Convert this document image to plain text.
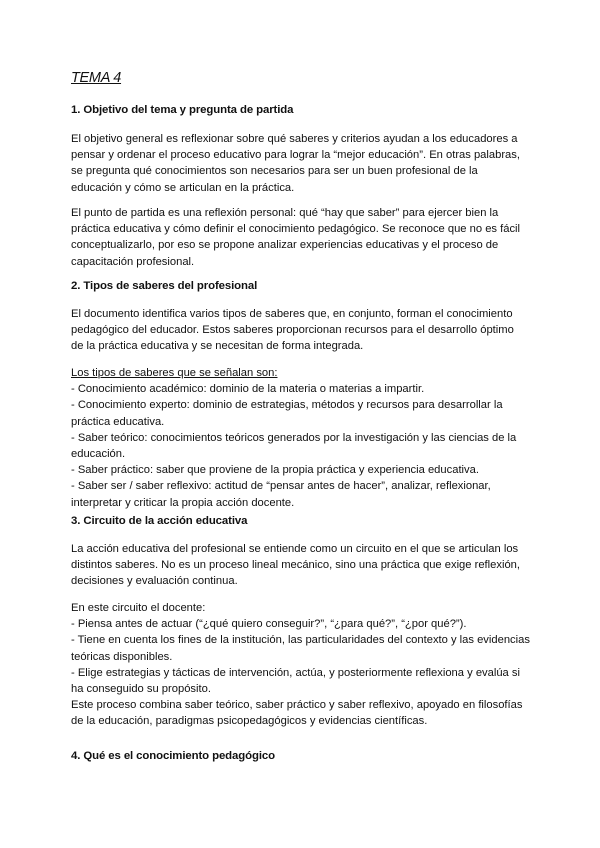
TEMA 4
1. Objetivo del tema y pregunta de partida
El objetivo general es reflexionar sobre qué saberes y criterios ayudan a los educadores a
pensar y ordenar el proceso educativo para lograr la “mejor educación”. En otras palabras,
se pregunta qué conocimientos son necesarios para ser un buen profesional de la
educación y cómo se articulan en la práctica.
El punto de partida es una reflexión personal: qué “hay que saber” para ejercer bien la
práctica educativa y cómo definir el conocimiento pedagógico. Se reconoce que no es fácil
conceptualizarlo, por eso se propone analizar experiencias educativas y el proceso de
capacitación profesional.
2. Tipos de saberes del profesional
El documento identifica varios tipos de saberes que, en conjunto, forman el conocimiento
pedagógico del educador. Estos saberes proporcionan recursos para el desarrollo óptimo
de la práctica educativa y se necesitan de forma integrada.
Los tipos de saberes que se señalan son:
- Conocimiento académico: dominio de la materia o materias a impartir.
- Conocimiento experto: dominio de estrategias, métodos y recursos para desarrollar la
práctica educativa.
- Saber teórico: conocimientos teóricos generados por la investigación y las ciencias de la
educación.
- Saber práctico: saber que proviene de la propia práctica y experiencia educativa.
- Saber ser / saber reflexivo: actitud de “pensar antes de hacer”, analizar, reflexionar,
interpretar y criticar la propia acción docente.
3. Circuito de la acción educativa
La acción educativa del profesional se entiende como un circuito en el que se articulan los
distintos saberes. No es un proceso lineal mecánico, sino una práctica que exige reflexión,
decisiones y evaluación continua.
En este circuito el docente:
- Piensa antes de actuar (“¿qué quiero conseguir?”, “¿para qué?”, “¿por qué?”).
- Tiene en cuenta los fines de la institución, las particularidades del contexto y las evidencias
teóricas disponibles.
- Elige estrategias y tácticas de intervención, actúa, y posteriormente reflexiona y evalúa si
ha conseguido su propósito.
Este proceso combina saber teórico, saber práctico y saber reflexivo, apoyado en filosofías
de la educación, paradigmas psicopedagógicos y evidencias científicas.
4. Qué es el conocimiento pedagógico
